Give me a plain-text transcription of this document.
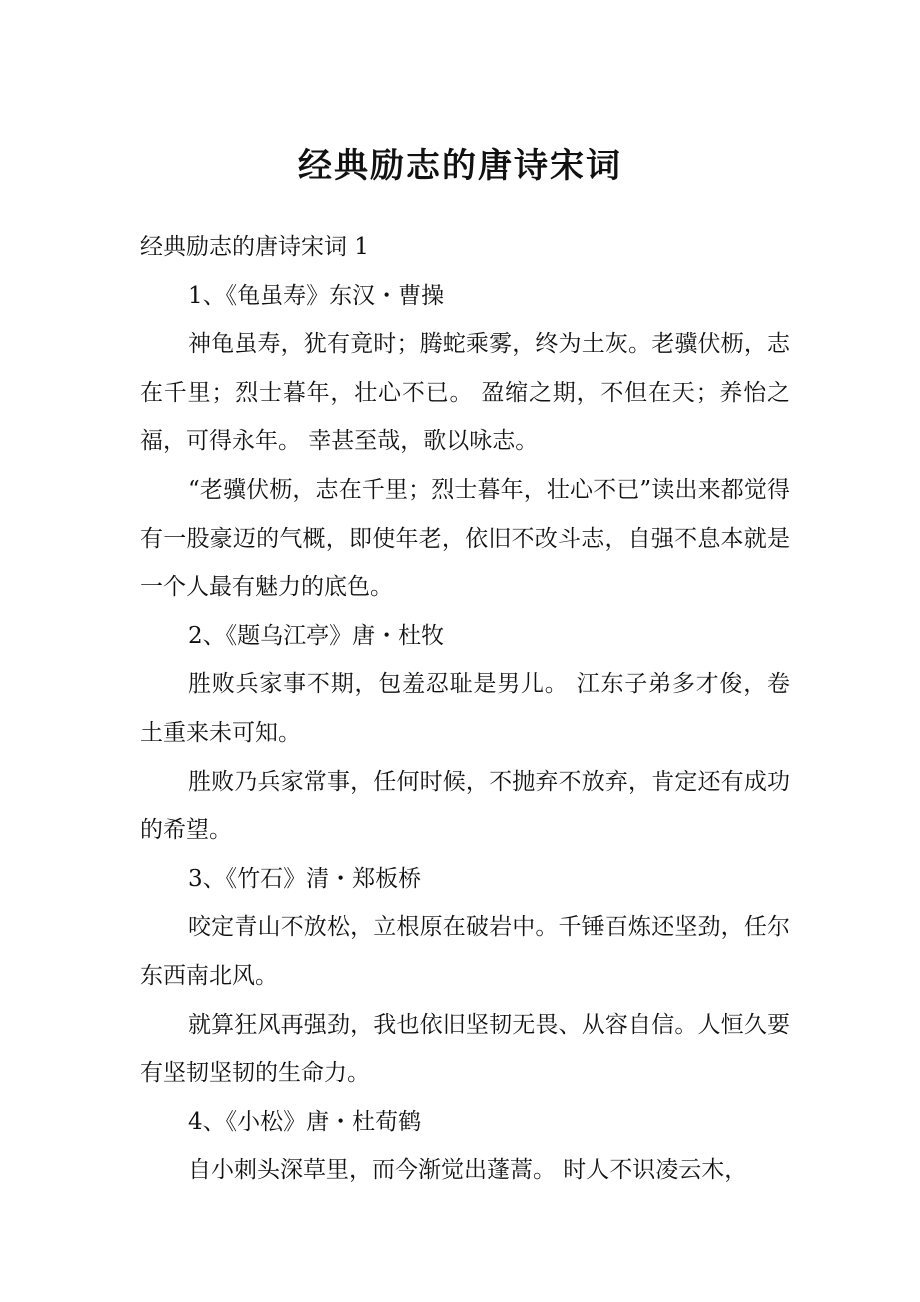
经典励志的唐诗宋词

经典励志的唐诗宋词 1

1、《龟虽寿》东汉・曹操

神龟虽寿，犹有竟时；腾蛇乘雾，终为土灰。老骥伏枥，志在千里；烈士暮年，壮心不已。 盈缩之期，不但在天；养怡之福，可得永年。 幸甚至哉，歌以咏志。

“老骥伏枥，志在千里；烈士暮年，壮心不已”读出来都觉得有一股豪迈的气概，即使年老，依旧不改斗志，自强不息本就是一个人最有魅力的底色。

2、《题乌江亭》唐・杜牧

胜败兵家事不期，包羞忍耻是男儿。 江东子弟多才俊，卷土重来未可知。

胜败乃兵家常事，任何时候，不抛弃不放弃，肯定还有成功的希望。

3、《竹石》清・郑板桥

咬定青山不放松，立根原在破岩中。千锤百炼还坚劲，任尔东西南北风。

就算狂风再强劲，我也依旧坚韧无畏、从容自信。人恒久要有坚韧坚韧的生命力。

4、《小松》唐・杜荀鹤

自小刺头深草里，而今渐觉出蓬蒿。 时人不识凌云木，
